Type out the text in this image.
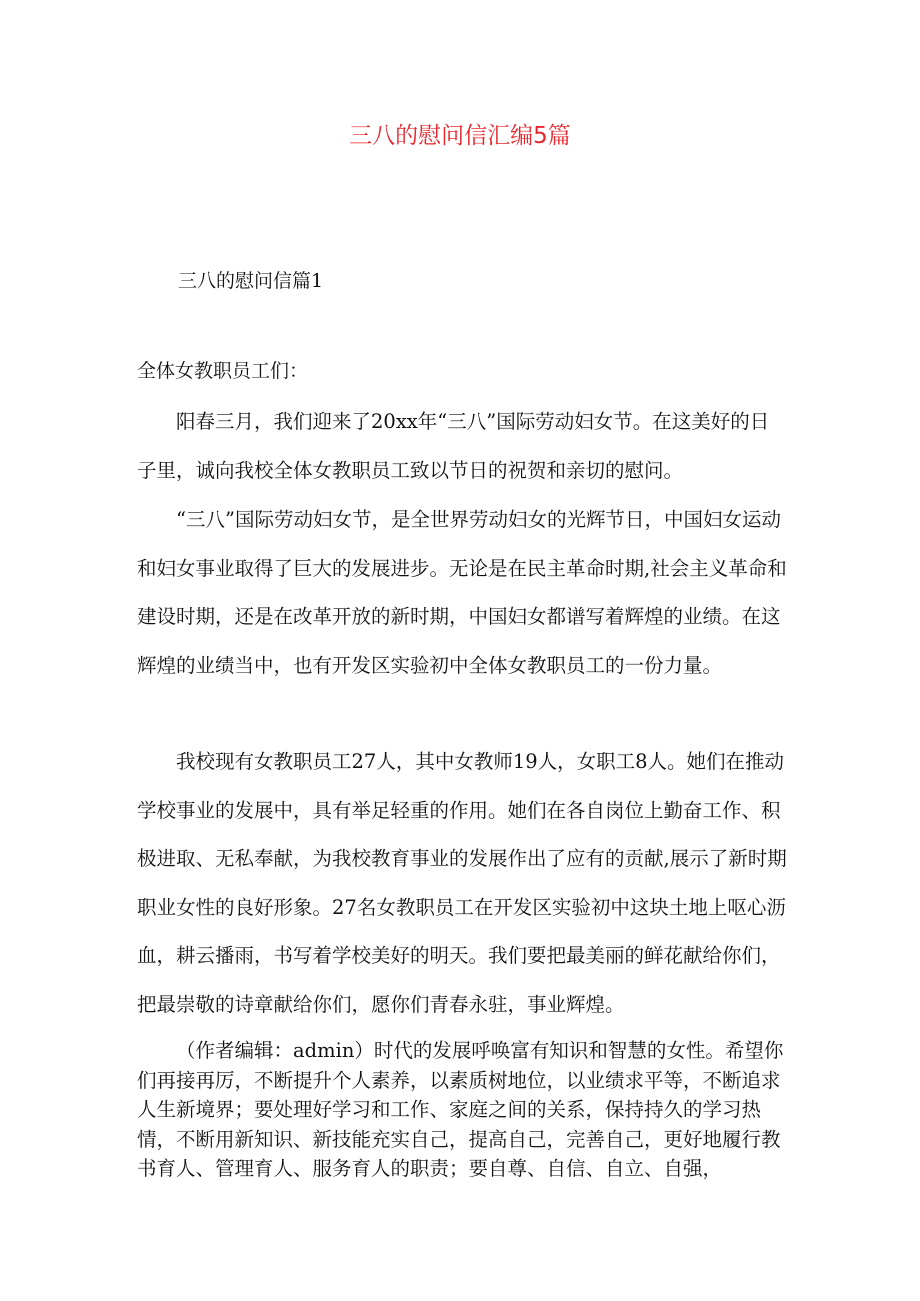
三八的慰问信汇编5篇
三八的慰问信篇1
全体女教职员工们：

阳春三月，我们迎来了20xx年“三八”国际劳动妇女节。在这美好的日子里，诚向我校全体女教职员工致以节日的祝贺和亲切的慰问。

“三八”国际劳动妇女节，是全世界劳动妇女的光辉节日，中国妇女运动和妇女事业取得了巨大的发展进步。无论是在民主革命时期,社会主义革命和建设时期，还是在改革开放的新时期，中国妇女都谱写着辉煌的业绩。在这辉煌的业绩当中，也有开发区实验初中全体女教职员工的一份力量。

我校现有女教职员工27人，其中女教师19人，女职工8人。她们在推动学校事业的发展中，具有举足轻重的作用。她们在各自岗位上勤奋工作、积极进取、无私奉献，为我校教育事业的发展作出了应有的贡献,展示了新时期职业女性的良好形象。27名女教职员工在开发区实验初中这块土地上呕心沥血，耕云播雨，书写着学校美好的明天。我们要把最美丽的鲜花献给你们，把最崇敬的诗章献给你们，愿你们青春永驻，事业辉煌。

（作者编辑：admin）时代的发展呼唤富有知识和智慧的女性。希望你们再接再厉，不断提升个人素养，以素质树地位，以业绩求平等，不断追求人生新境界；要处理好学习和工作、家庭之间的关系，保持持久的学习热情，不断用新知识、新技能充实自己，提高自己，完善自己，更好地履行教书育人、管理育人、服务育人的职责；要自尊、自信、自立、自强，
